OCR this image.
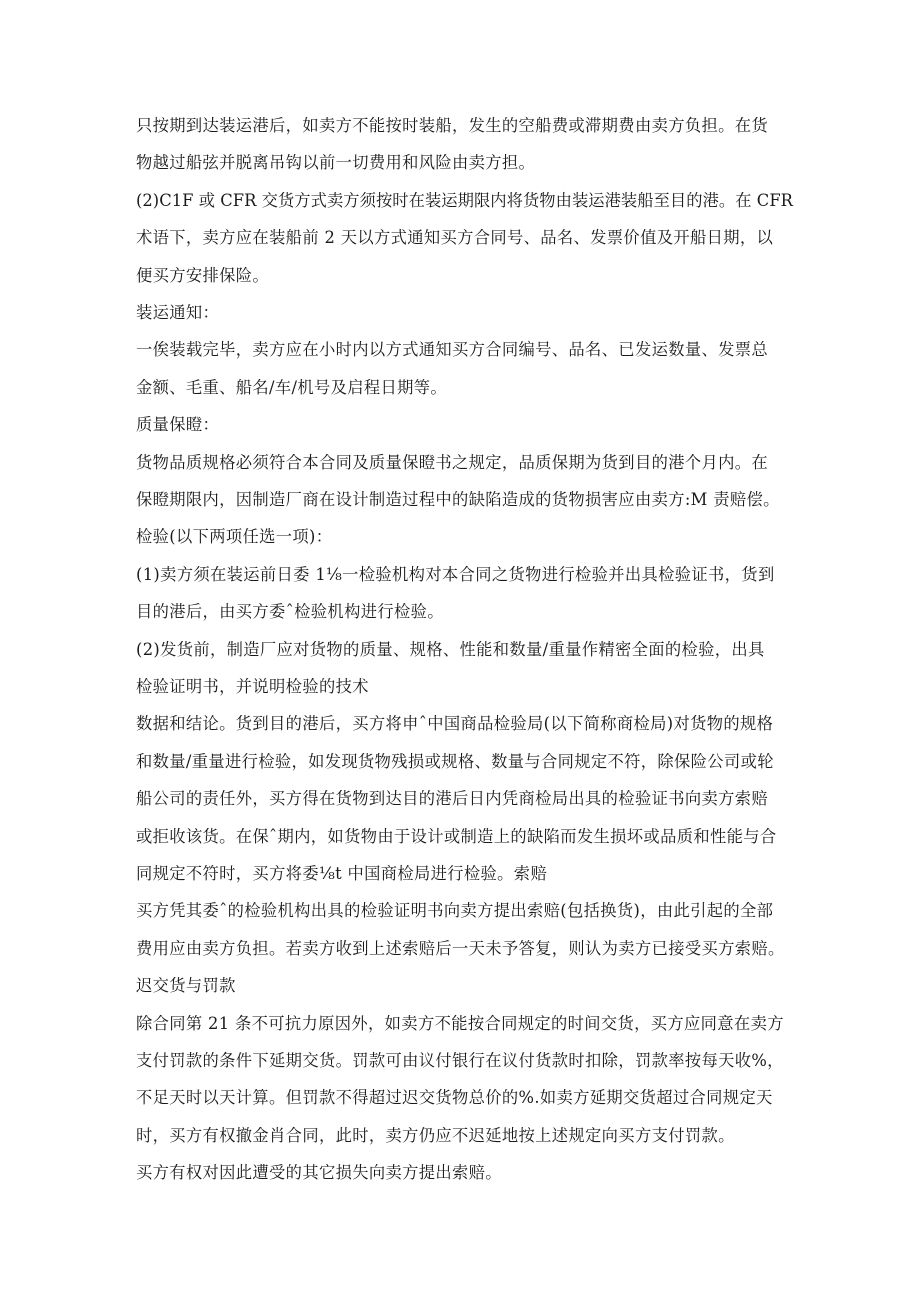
只按期到达装运港后，如卖方不能按时装船，发生的空船费或滞期费由卖方负担。在货
物越过船弦并脱离吊钩以前一切费用和风险由卖方担。
(2)C1F 或 CFR 交货方式卖方须按时在装运期限内将货物由装运港装船至目的港。在 CFR
术语下，卖方应在装船前 2 天以方式通知买方合同号、品名、发票价值及开船日期，以
便买方安排保险。
装运通知：
一俟装载完毕，卖方应在小时内以方式通知买方合同编号、品名、已发运数量、发票总
金额、毛重、船名/车/机号及启程日期等。
质量保瞪：
货物品质规格必须符合本合同及质量保瞪书之规定，品质保期为货到目的港个月内。在
保瞪期限内，因制造厂商在设计制造过程中的缺陷造成的货物损害应由卖方:M 责赔偿。
检验(以下两项任选一项)：
(1)卖方须在装运前日委 1⅛一检验机构对本合同之货物进行检验并出具检验证书，货到
目的港后，由买方委ˆ检验机构进行检验。
(2)发货前，制造厂应对货物的质量、规格、性能和数量/重量作精密全面的检验，出具
检验证明书，并说明检验的技术
数据和结论。货到目的港后，买方将申ˆ中国商品检验局(以下简称商检局)对货物的规格
和数量/重量进行检验，如发现货物残损或规格、数量与合同规定不符，除保险公司或轮
船公司的责任外，买方得在货物到达目的港后日内凭商检局出具的检验证书向卖方索赔
或拒收该货。在保ˆ期内，如货物由于设计或制造上的缺陷而发生损坏或品质和性能与合
同规定不符时，买方将委⅛t 中国商检局进行检验。索赔
买方凭其委ˆ的检验机构出具的检验证明书向卖方提出索赔(包括换货)，由此引起的全部
费用应由卖方负担。若卖方收到上述索赔后一天未予答复，则认为卖方已接受买方索赔。
迟交货与罚款
除合同第 21 条不可抗力原因外，如卖方不能按合同规定的时间交货，买方应同意在卖方
支付罚款的条件下延期交货。罚款可由议付银行在议付货款时扣除，罚款率按每天收%，
不足天时以天计算。但罚款不得超过迟交货物总价的%.如卖方延期交货超过合同规定天
时，买方有权撤金肖合同，此时，卖方仍应不迟延地按上述规定向买方支付罚款。
买方有权对因此遭受的其它损失向卖方提出索赔。
